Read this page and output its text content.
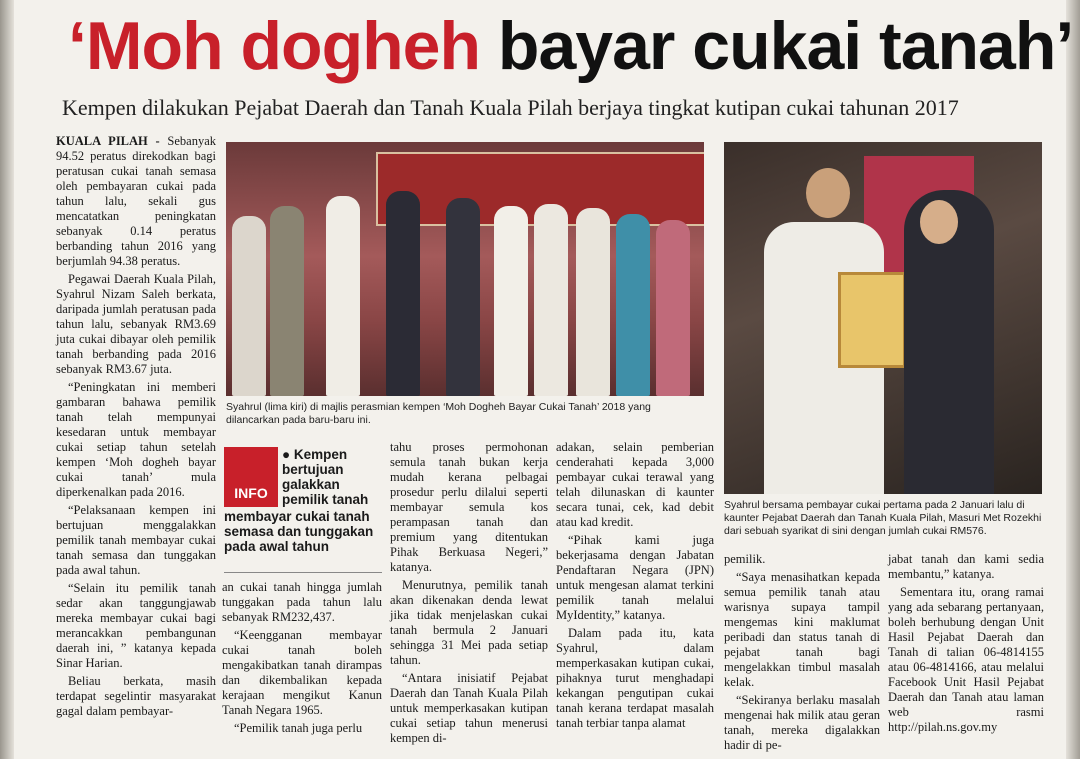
‘Moh dogheh bayar cukai tanah’
Kempen dilakukan Pejabat Daerah dan Tanah Kuala Pilah berjaya tingkat kutipan cukai tahunan 2017

KUALA PILAH - Sebanyak 94.52 peratus direkodkan bagi peratusan cukai tanah semasa oleh pembayaran cukai pada tahun lalu, sekali gus mencatatkan peningkatan sebanyak 0.14 peratus berbanding tahun 2016 yang berjumlah 94.38 peratus.

Pegawai Daerah Kuala Pilah, Syahrul Nizam Saleh berkata, daripada jumlah peratusan pada tahun lalu, sebanyak RM3.69 juta cukai dibayar oleh pemilik tanah berbanding pada 2016 sebanyak RM3.67 juta.

“Peningkatan ini memberi gambaran bahawa pemilik tanah telah mempunyai kesedaran untuk membayar cukai setiap tahun setelah kempen ‘Moh dogheh bayar cukai tanah’ mula diperkenalkan pada 2016.

“Pelaksanaan kempen ini bertujuan menggalakkan pemilik tanah membayar cukai tanah semasa dan tunggakan pada awal tahun.

“Selain itu pemilik tanah sedar akan tanggungjawab mereka membayar cukai bagi merancakkan pembangunan daerah ini, ” katanya kepada Sinar Harian.

Beliau berkata, masih terdapat segelintir masyarakat gagal dalam pembayar-

Syahrul (lima kiri) di majlis perasmian kempen ‘Moh Dogheh Bayar Cukai Tanah’ 2018 yang dilancarkan pada baru-baru ini.
Syahrul bersama pembayar cukai pertama pada 2 Januari lalu di kaunter Pejabat Daerah dan Tanah Kuala Pilah, Masuri Met Rozekhi dari sebuah syarikat di sini dengan jumlah cukai RM576.
INFO
● Kempen bertujuan galakkan pemilik tanah
membayar cukai tanah semasa dan tunggakan pada awal tahun

an cukai tanah hingga jumlah tunggakan pada tahun lalu sebanyak RM232,437.

“Keengganan membayar cukai tanah boleh mengakibatkan tanah dirampas dan dikembalikan kepada kerajaan mengikut Kanun Tanah Negara 1965.

“Pemilik tanah juga perlu

tahu proses permohonan semula tanah bukan kerja mudah kerana pelbagai prosedur perlu dilalui seperti membayar semula kos perampasan tanah dan premium yang ditentukan Pihak Berkuasa Negeri,” katanya.

Menurutnya, pemilik tanah akan dikenakan denda lewat jika tidak menjelaskan cukai tanah bermula 2 Januari sehingga 31 Mei pada setiap tahun.

“Antara inisiatif Pejabat Daerah dan Tanah Kuala Pilah untuk memperkasakan kutipan cukai setiap tahun menerusi kempen di-

adakan, selain pemberian cenderahati kepada 3,000 pembayar cukai terawal yang telah dilunaskan di kaunter secara tunai, cek, kad debit atau kad kredit.

“Pihak kami juga bekerjasama dengan Jabatan Pendaftaran Negara (JPN) untuk mengesan alamat terkini pemilik tanah melalui MyIdentity,” katanya.

Dalam pada itu, kata Syahrul, dalam memperkasakan kutipan cukai, pihaknya turut menghadapi kekangan pengutipan cukai tanah kerana terdapat masalah tanah terbiar tanpa alamat

pemilik.

“Saya menasihatkan kepada semua pemilik tanah atau warisnya supaya tampil mengemas kini maklumat peribadi dan status tanah di pejabat tanah bagi mengelakkan timbul masalah kelak.

“Sekiranya berlaku masalah mengenai hak milik atau geran tanah, mereka digalakkan hadir di pe-

jabat tanah dan kami sedia membantu,” katanya.

Sementara itu, orang ramai yang ada sebarang pertanyaan, boleh berhubung dengan Unit Hasil Pejabat Daerah dan Tanah di talian 06-4814155 atau 06-4814166, atau melalui Facebook Unit Hasil Pejabat Daerah dan Tanah atau laman web rasmi http://pilah.ns.gov.my
